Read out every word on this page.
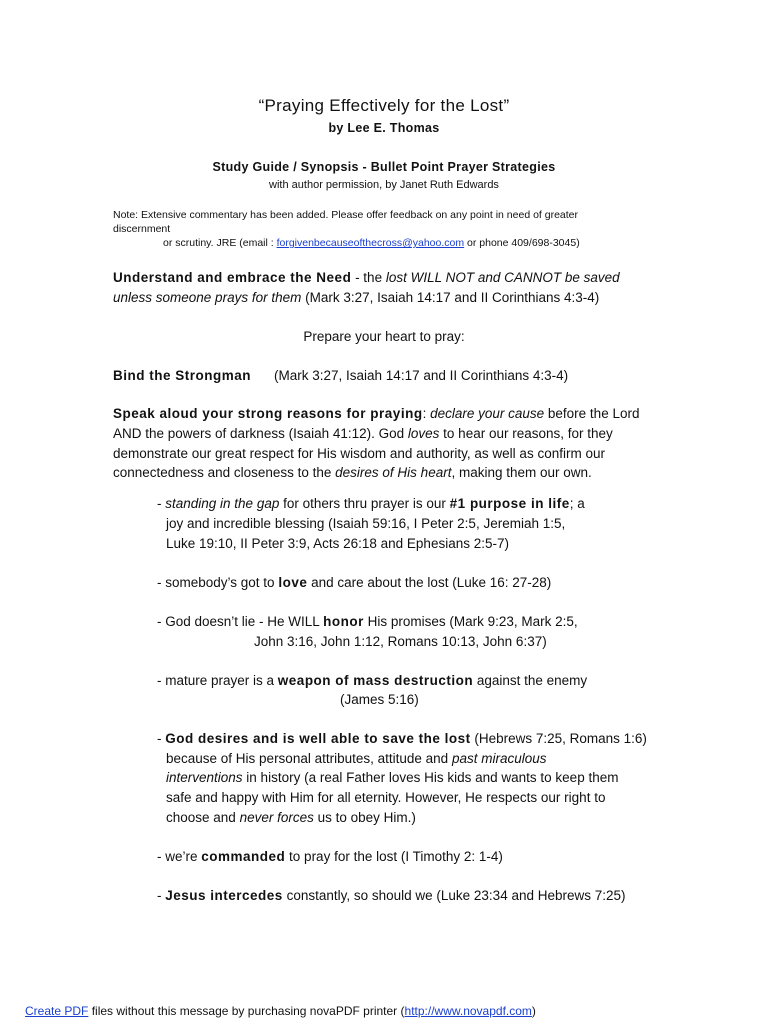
“Praying Effectively for the Lost”
by Lee E. Thomas
Study Guide / Synopsis - Bullet Point Prayer Strategies
with author permission, by Janet Ruth Edwards
Note: Extensive commentary has been added. Please offer feedback on any point in need of greater
discernment
or scrutiny. JRE (email : forgivenbecauseofthecross@yahoo.com or phone 409/698-3045)
Understand and embrace the Need - the lost WILL NOT and CANNOT be saved
unless someone prays for them (Mark 3:27, Isaiah 14:17 and II Corinthians 4:3-4)
Prepare your heart to pray:
Bind the Strongman (Mark 3:27, Isaiah 14:17 and II Corinthians 4:3-4)
Speak aloud your strong reasons for praying: declare your cause before the Lord
AND the powers of darkness (Isaiah 41:12). God loves to hear our reasons, for they
demonstrate our great respect for His wisdom and authority, as well as confirm our
connectedness and closeness to the desires of His heart, making them our own.
- standing in the gap for others thru prayer is our #1 purpose in life; a
joy and incredible blessing (Isaiah 59:16, I Peter 2:5, Jeremiah 1:5,
Luke 19:10, II Peter 3:9, Acts 26:18 and Ephesians 2:5-7)
- somebody’s got to love and care about the lost (Luke 16: 27-28)
- God doesn’t lie - He WILL honor His promises (Mark 9:23, Mark 2:5,
John 3:16, John 1:12, Romans 10:13, John 6:37)
- mature prayer is a weapon of mass destruction against the enemy
(James 5:16)
- God desires and is well able to save the lost (Hebrews 7:25, Romans 1:6)
because of His personal attributes, attitude and past miraculous
interventions in history (a real Father loves His kids and wants to keep them
safe and happy with Him for all eternity. However, He respects our right to
choose and never forces us to obey Him.)
- we’re commanded to pray for the lost (I Timothy 2: 1-4)
- Jesus intercedes constantly, so should we (Luke 23:34 and Hebrews 7:25)
Create PDF files without this message by purchasing novaPDF printer (http://www.novapdf.com)
